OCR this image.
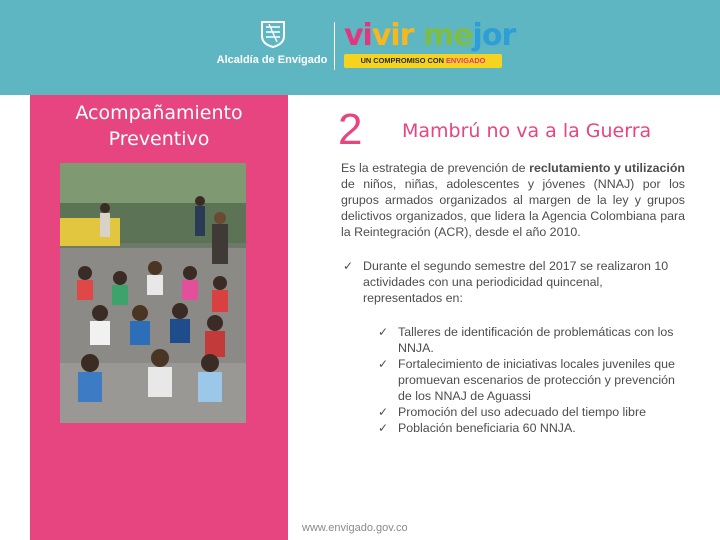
Alcaldía de Envigado
vivir mejor
UN COMPROMISO CON ENVIGADO
Acompañamiento
Preventivo	2 Mambrú no va a la Guerra

Es la estrategia de prevención de reclutamiento y utilización de niños, niñas, adolescentes y jóvenes (NNAJ) por los grupos armados organizados al margen de la ley y grupos delictivos organizados, que lidera la Agencia Colombiana para la Reintegración (ACR), desde el año 2010.

✓ Durante el segundo semestre del 2017 se realizaron 10 actividades con una periodicidad quincenal, representados en:
✓ Talleres de identificación de problemáticas con los NNJA.
✓ Fortalecimiento de iniciativas locales juveniles que promuevan escenarios de protección y prevención de los NNAJ de Aguassi
✓ Promoción del uso adecuado del tiempo libre
✓ Población beneficiaria 60 NNJA.
www.envigado.gov.co
